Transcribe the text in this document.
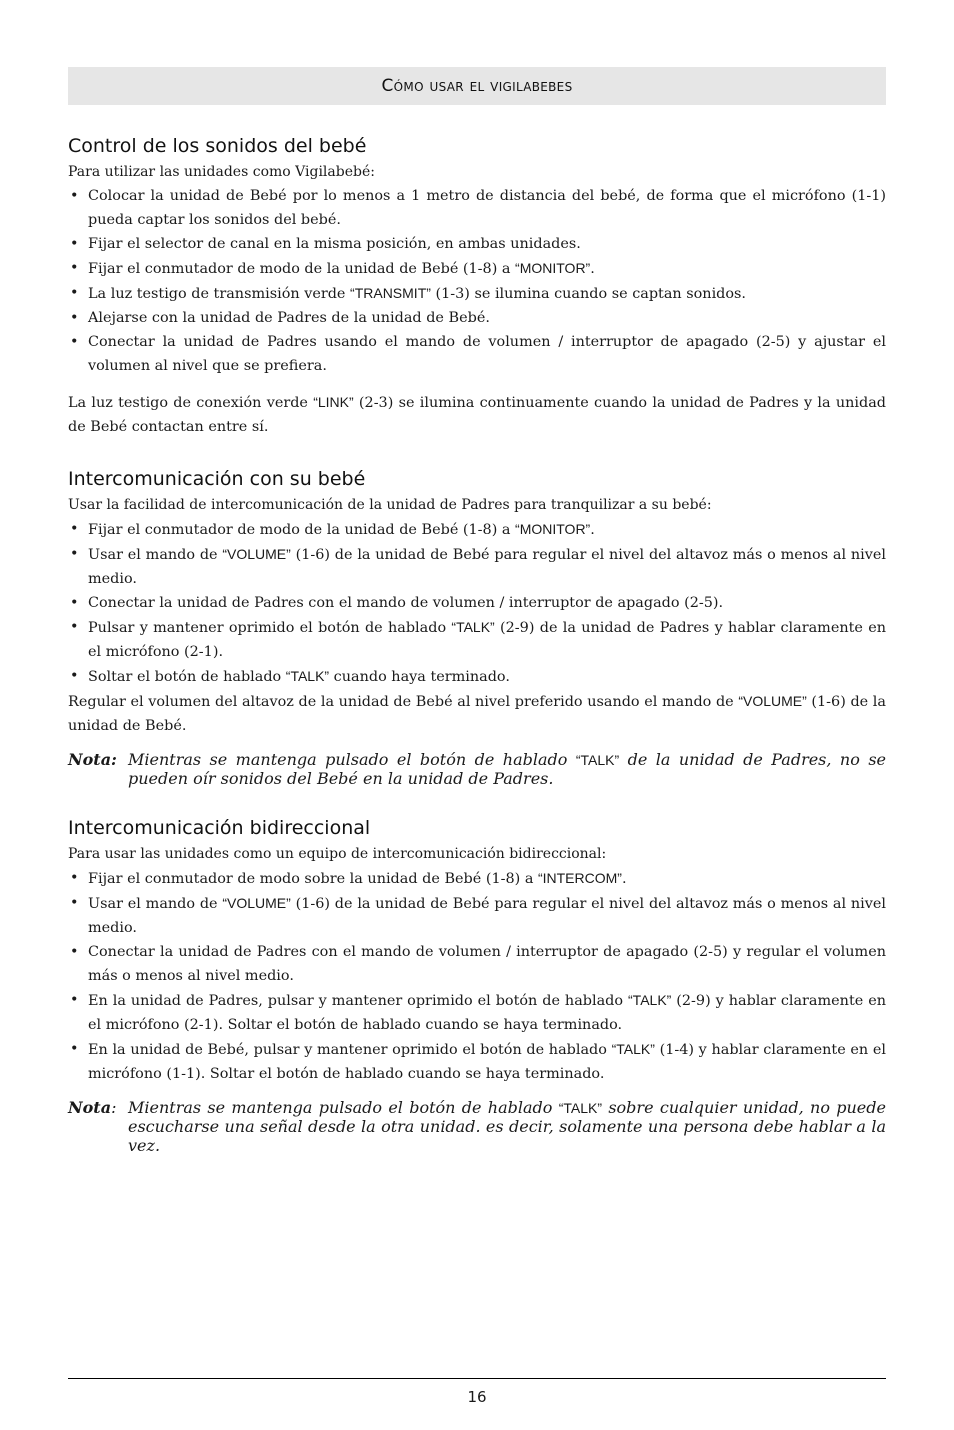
Cómo usar el vigilabebes
Control de los sonidos del bebé

Para utilizar las unidades como Vigilabebé:

• Colocar la unidad de Bebé por lo menos a 1 metro de distancia del bebé, de forma que el micrófono (1-1) pueda captar los sonidos del bebé.
• Fijar el selector de canal en la misma posición, en ambas unidades.
• Fijar el conmutador de modo de la unidad de Bebé (1-8) a “MONITOR”.
• La luz testigo de transmisión verde “TRANSMIT” (1-3) se ilumina cuando se captan sonidos.
• Alejarse con la unidad de Padres de la unidad de Bebé.
• Conectar la unidad de Padres usando el mando de volumen / interruptor de apagado (2-5) y ajustar el volumen al nivel que se prefiera.

La luz testigo de conexión verde “LINK” (2-3) se ilumina continuamente cuando la unidad de Padres y la unidad de Bebé contactan entre sí.

Intercomunicación con su bebé

Usar la facilidad de intercomunicación de la unidad de Padres para tranquilizar a su bebé:

• Fijar el conmutador de modo de la unidad de Bebé (1-8) a “MONITOR”.
• Usar el mando de “VOLUME” (1-6) de la unidad de Bebé para regular el nivel del altavoz más o menos al nivel medio.
• Conectar la unidad de Padres con el mando de volumen / interruptor de apagado (2-5).
• Pulsar y mantener oprimido el botón de hablado “TALK” (2-9) de la unidad de Padres y hablar claramente en el micrófono (2-1).
• Soltar el botón de hablado “TALK” cuando haya terminado.

Regular el volumen del altavoz de la unidad de Bebé al nivel preferido usando el mando de “VOLUME” (1-6) de la unidad de Bebé.

Nota: Mientras se mantenga pulsado el botón de hablado “TALK” de la unidad de Padres, no se pueden oír sonidos del Bebé en la unidad de Padres.
Intercomunicación bidireccional

Para usar las unidades como un equipo de intercomunicación bidireccional:

• Fijar el conmutador de modo sobre la unidad de Bebé (1-8) a “INTERCOM”.
• Usar el mando de “VOLUME” (1-6) de la unidad de Bebé para regular el nivel del altavoz más o menos al nivel medio.
• Conectar la unidad de Padres con el mando de volumen / interruptor de apagado (2-5) y regular el volumen más o menos al nivel medio.
• En la unidad de Padres, pulsar y mantener oprimido el botón de hablado “TALK” (2-9) y hablar claramente en el micrófono (2-1). Soltar el botón de hablado cuando se haya terminado.
• En la unidad de Bebé, pulsar y mantener oprimido el botón de hablado “TALK” (1-4) y hablar claramente en el micrófono (1-1). Soltar el botón de hablado cuando se haya terminado.
Nota: Mientras se mantenga pulsado el botón de hablado “TALK” sobre cualquier unidad, no puede escucharse una señal desde la otra unidad. es decir, solamente una persona debe hablar a la vez.
16
